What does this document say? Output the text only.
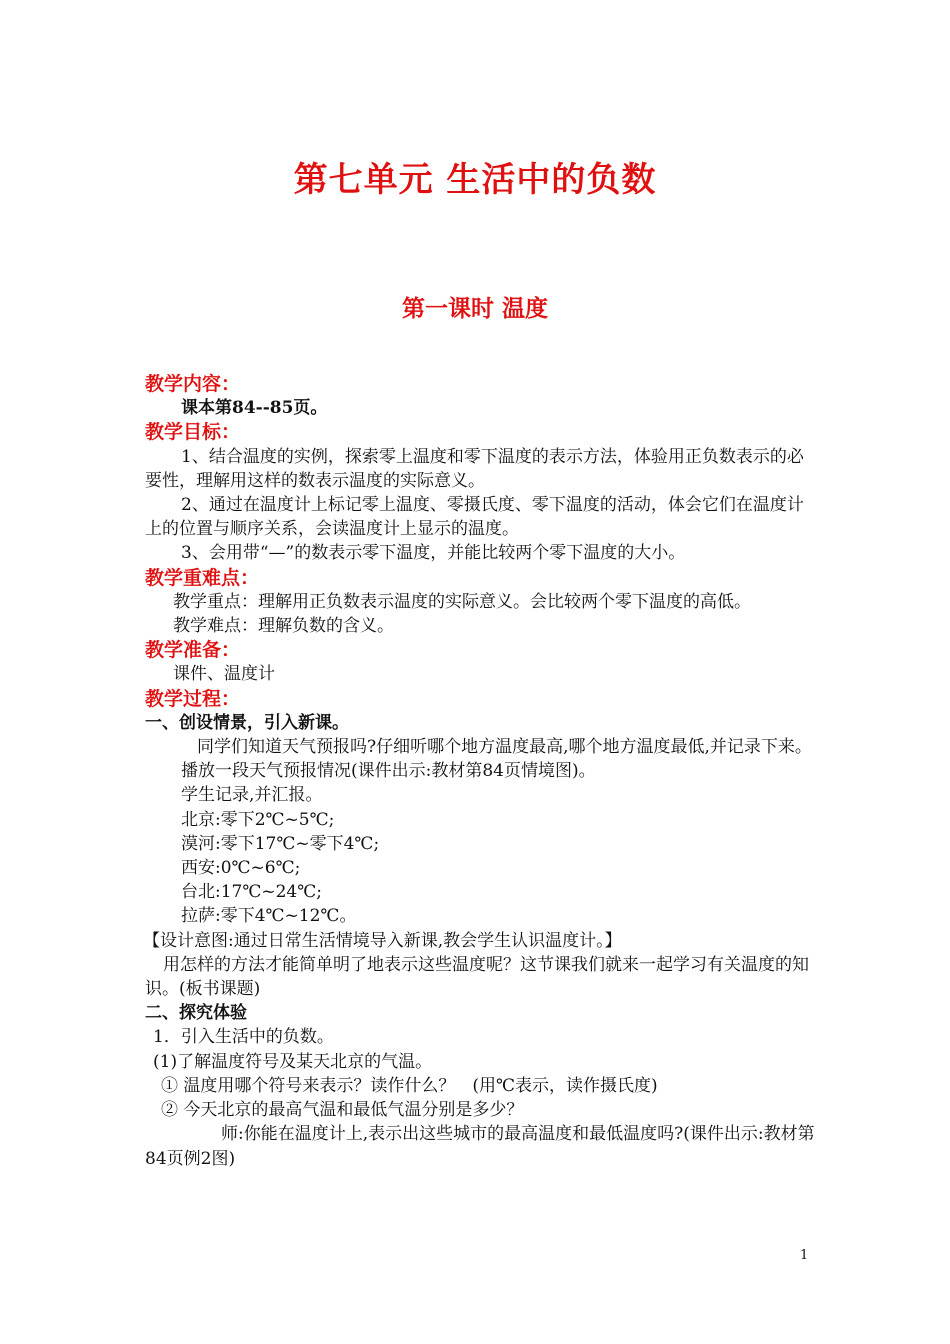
第七单元 生活中的负数
第一课时 温度
教学内容：
课本第84--85页。
教学目标：
1、结合温度的实例，探索零上温度和零下温度的表示方法，体验用正负数表示的必要性，理解用这样的数表示温度的实际意义。
2、通过在温度计上标记零上温度、零摄氏度、零下温度的活动，体会它们在温度计上的位置与顺序关系，会读温度计上显示的温度。
3、会用带“—”的数表示零下温度，并能比较两个零下温度的大小。
教学重难点：
教学重点：理解用正负数表示温度的实际意义。会比较两个零下温度的高低。
教学难点：理解负数的含义。
教学准备：
课件、温度计
教学过程：
一、创设情景，引入新课。
同学们知道天气预报吗?仔细听哪个地方温度最高,哪个地方温度最低,并记录下来。
播放一段天气预报情况(课件出示:教材第84页情境图)。
学生记录,并汇报。
北京:零下2℃~5℃;
漠河:零下17℃~零下4℃;
西安:0℃~6℃;
台北:17℃~24℃;
拉萨:零下4℃~12℃。
【设计意图:通过日常生活情境导入新课,教会学生认识温度计。】
用怎样的方法才能简单明了地表示这些温度呢？这节课我们就来一起学习有关温度的知识。(板书课题)
二、探究体验
1．引入生活中的负数。
(1)了解温度符号及某天北京的气温。
① 温度用哪个符号来表示？读作什么？　(用℃表示，读作摄氏度)
② 今天北京的最高气温和最低气温分别是多少？
师:你能在温度计上,表示出这些城市的最高温度和最低温度吗?(课件出示:教材第84页例2图)
1
